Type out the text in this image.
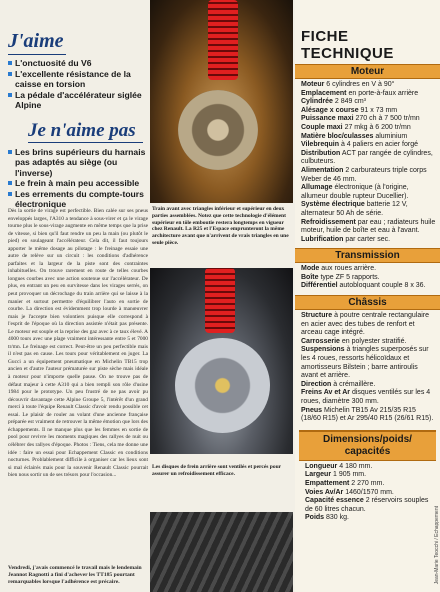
J'aime
L'onctuosité du V6
L'excellente résistance de la caisse en torsion
La pédale d'accélérateur siglée Alpine
Je n'aime pas
Les brins supérieurs du harnais pas adaptés au siège (ou l'inverse)
Le frein à main peu accessible
Les errements du compte-tours électronique
Dès la sortie de virage est perfectible. Bien calée sur ses pneus enveloppés larges, l'A310 a tendance à sous-virer et ça le virage tourne plus le sous-virage augmente en même temps que la prise de vitesse, si bien qu'il faut rendre un peu la main (ou plutôt le pied) en soulageant l'accélérateur. Cela dit, il faut toujours apporter le même dosage au pilotage : le freinage essaie une autre de relève sur un circuit : les conditions d'adhérence parfaites et la largeur de la piste sont des contraintes inhabituelles. On trouve rarement en route de telles courbes longues courbes avec une action soutenue sur l'accélérateur. De plus, en entrant un peu en survitesse dans les virages serrés, on peut provoquer un décrochage du train arrière qui se laisse à la manier et surtout permettre d'équilibrer l'auto en sortie de courbe. La direction est évidemment trop lourde à manœuvrer mais je l'accepte bien volontiers puisque elle correspond à l'esprit de l'époque où la direction assistée n'était pas présente. Le moteur est souple et la reprise des gaz avec à ce taux élevé. A 4000 tours avec une plage vraiment intéressante entre 5 et 7000 tr/mn. Le freinage est correct. Peut-être un peu perfectible mais il n'est pas en cause. Les tours pour véritablement en juger. La Gucci a un équipement pneumatique en Michelin TB15 trop ancien et d'autre l'auteur prématurée sur piste sèche mais idéale à moteur pour n'importe quelle pause. On ne trouve pas de défaut majeur à cette A310 qui a bien rempli son rôle d'usine 1984 pour le prototype. Un peu frustré de ne pas avoir pu découvrir davantage cette Alpine Groupe 5, l'intérêt d'un grand merci à toute l'équipe Renault Classic d'avoir rendu possible cet essai. Le plaisir de rouler au volant d'une ancienne française préparée est vraiment de retrouver la même émotion que lors des échappements. Il ne manque plus que les femmes en sortie de pool pour revivre les moments magiques des rallyes de nuit ou célébrer des rallyes d'époque. Photos : Tiens, cela me donne une idée : faire un essai pour Echappement Classic en conditions nocturnes. Problablement difficile à organiser car les lieux sont si mal éclairés mais pour la souvenir Renault Classic pourrait bien nous sortir un de ses trésors pour l'occasion...
Vendredi, j'avais commencé le travail mais le lendemain Jeannot Ragnotti a fini d'achever les TT185 pourtant remarquables lorsque l'adhérence est précaire.
Train avant avec triangles inférieur et supérieur en deux parties assemblées. Notez que cette technologie d'élément supérieur en tôle emboutie restera longtemps en vigueur chez Renault. La R25 et l'Espace emprunteront la même architecture avant que n'arrivent de vrais triangles en une seule pièce.
Les disques de frein arrière sont ventilés et percés pour assurer un refroidissement efficace.
FICHE TECHNIQUE
Moteur
Moteur 6 cylindres en V à 90°
Emplacement en porte-à-faux arrière
Cylindrée 2 849 cm³
Alésage x course 91 x 73 mm
Puissance maxi 270 ch à 7 500 tr/mn
Couple maxi 27 mkg à 6 200 tr/mn
Matière bloc/culasses aluminium
Vilebrequin à 4 paliers en acier forgé
Distribution ACT par rangée de cylindres, culbuteurs.
Alimentation 2 carburateurs triple corps Weber de 46 mm.
Allumage électronique (à l'origine, allumeur double rupteur Ducellier).
Système électrique batterie 12 V, alternateur 50 Ah de série.
Refroidissement par eau ; radiateurs huile moteur, huile de boîte et eau à l'avant.
Lubrification par carter sec.
Transmission
Mode aux roues arrière.
Boîte type ZF 5 rapports.
Différentiel autobloquant couple 8 x 36.
Châssis
Structure à poutre centrale rectangulaire en acier avec des tubes de renfort et arceau cage intégré.
Carrosserie en polyester stratifié.
Suspensions à triangles superposés sur les 4 roues, ressorts hélicoïdaux et amortisseurs Bilstein ; barre antiroulis avant et arrière.
Direction à crémaillère.
Freins Av et Ar disques ventilés sur les 4 roues, diamètre 300 mm.
Pneus Michelin TB15 Av 215/35 R15 (18/60 R15) et Ar 295/40 R15 (26/61 R15).
Dimensions/poids/ capacités
Longueur 4 180 mm.
Largeur 1 905 mm.
Empattement 2 270 mm.
Voies Av/Ar 1460/1570 mm.
Capacité essence 2 réservoirs souples de 60 litres chacun.
Poids 830 kg.	Jean-Marie Teocchi / Echappement
